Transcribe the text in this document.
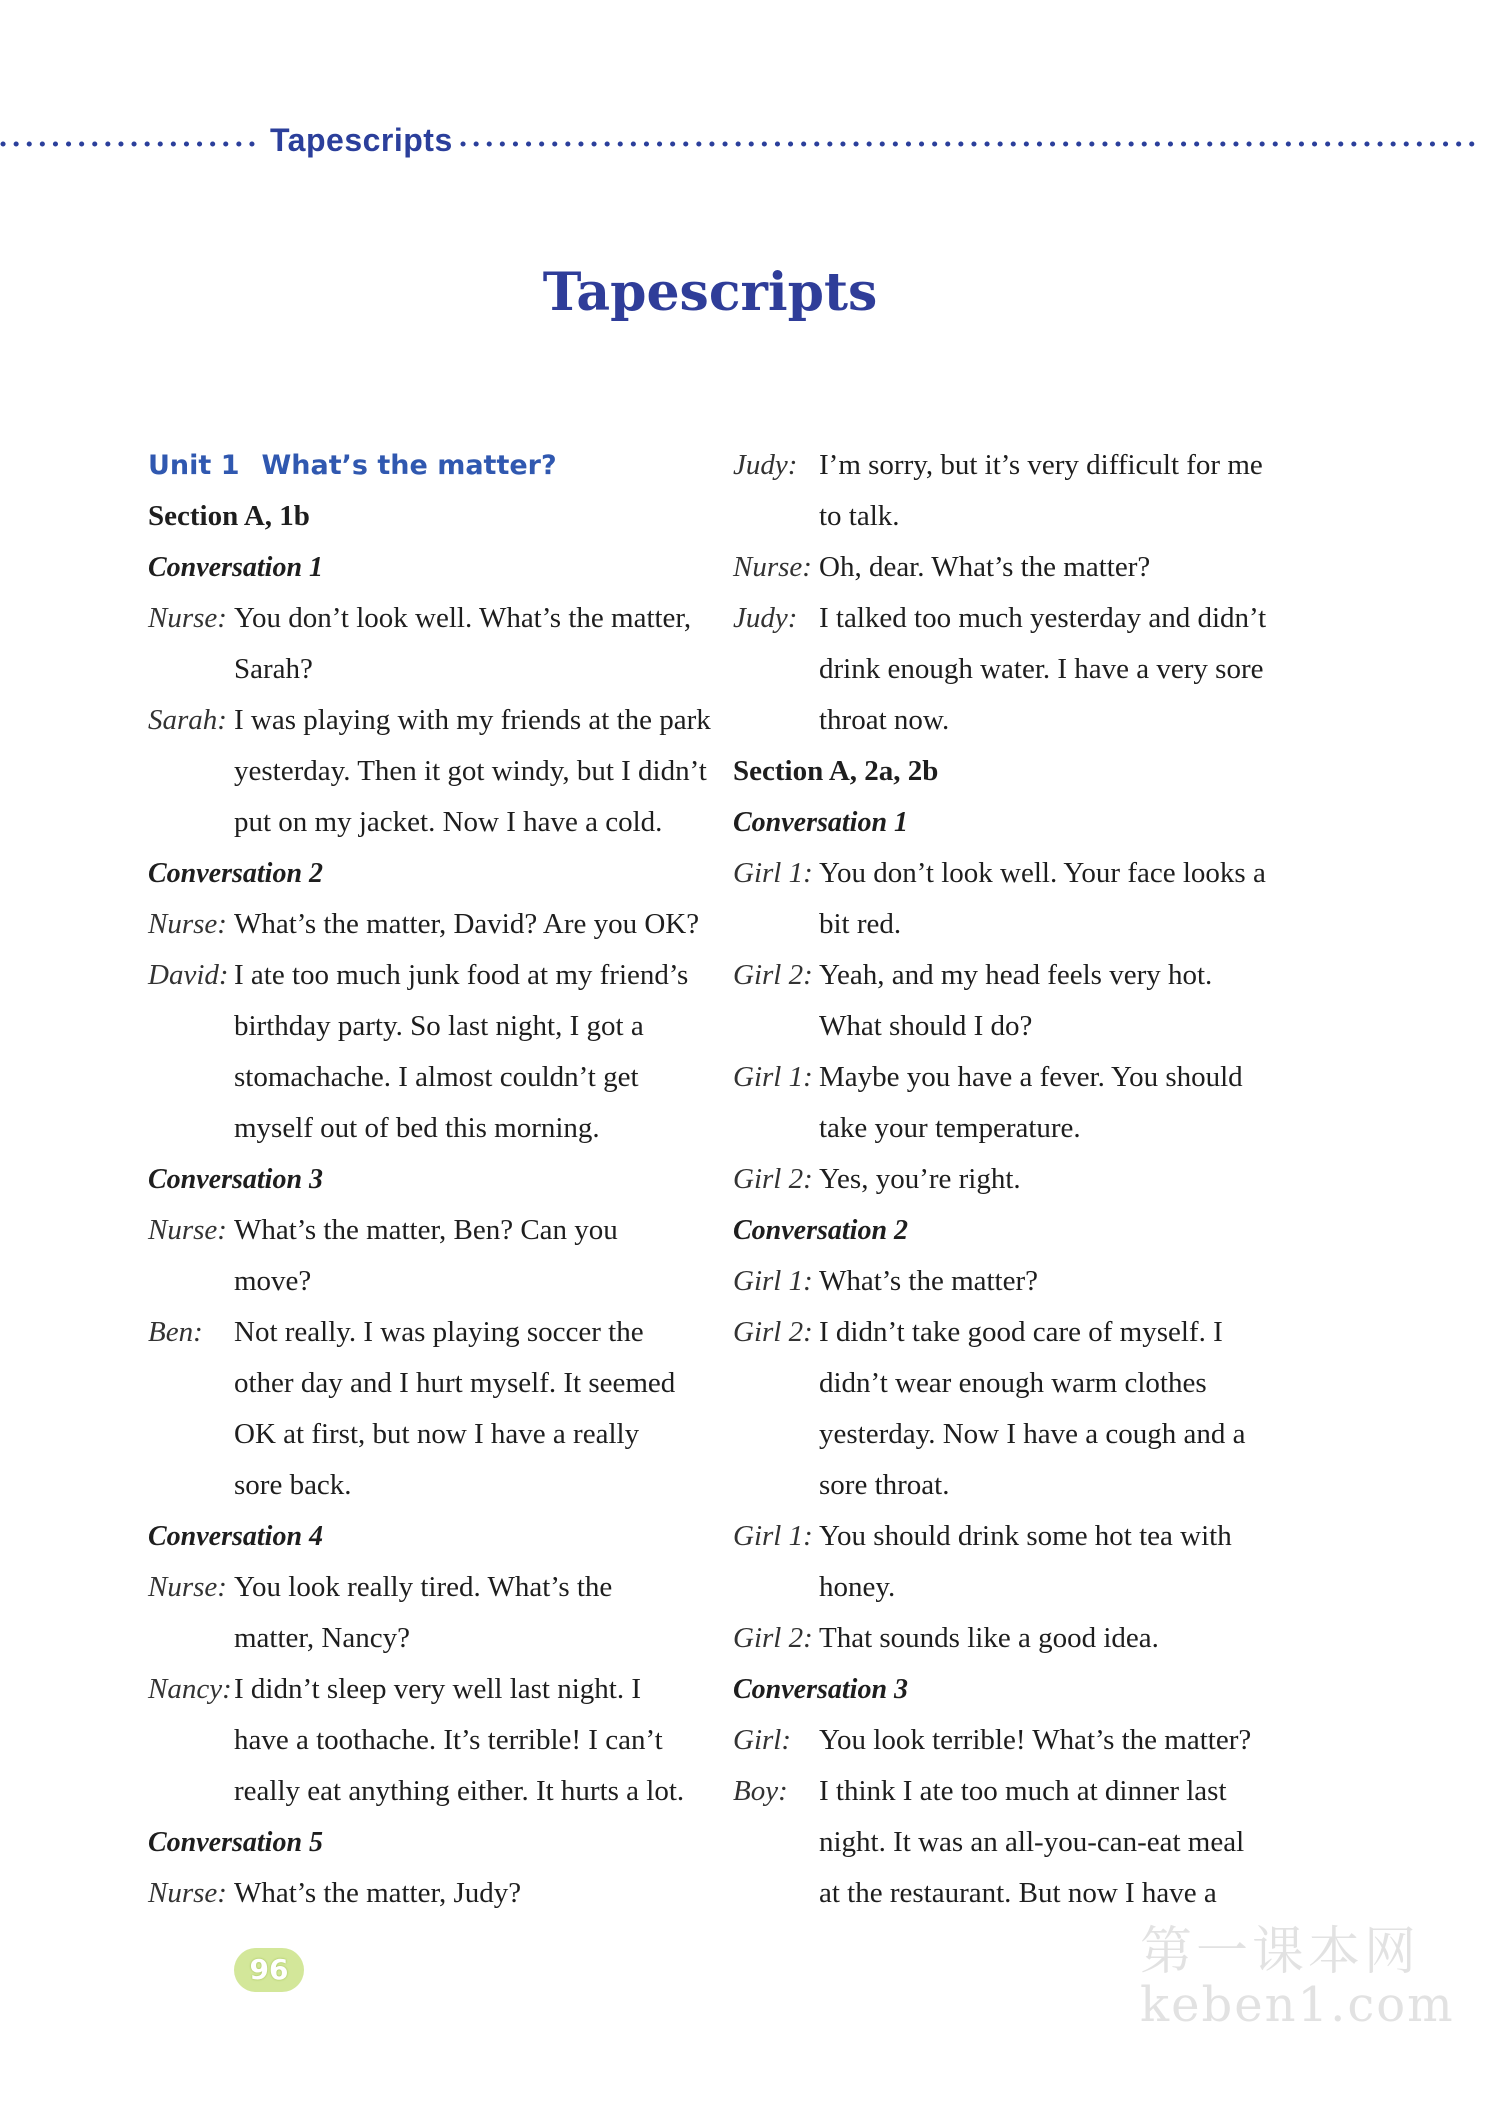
Tapescripts
Tapescripts
Unit 1 What’s the matter?
Section A, 1b
Conversation 1
Nurse: You don’t look well. What’s the matter,
Sarah?
Sarah: I was playing with my friends at the park
yesterday. Then it got windy, but I didn’t
put on my jacket. Now I have a cold.
Conversation 2
Nurse: What’s the matter, David? Are you OK?
David: I ate too much junk food at my friend’s
birthday party. So last night, I got a
stomachache. I almost couldn’t get
myself out of bed this morning.
Conversation 3
Nurse: What’s the matter, Ben? Can you
move?
Ben: Not really. I was playing soccer the
other day and I hurt myself. It seemed
OK at first, but now I have a really
sore back.
Conversation 4
Nurse: You look really tired. What’s the
matter, Nancy?
Nancy: I didn’t sleep very well last night. I
have a toothache. It’s terrible! I can’t
really eat anything either. It hurts a lot.
Conversation 5
Nurse: What’s the matter, Judy?
Judy: I’m sorry, but it’s very difficult for me
to talk.
Nurse: Oh, dear. What’s the matter?
Judy: I talked too much yesterday and didn’t
drink enough water. I have a very sore
throat now.
Section A, 2a, 2b
Conversation 1
Girl 1: You don’t look well. Your face looks a
bit red.
Girl 2: Yeah, and my head feels very hot.
What should I do?
Girl 1: Maybe you have a fever. You should
take your temperature.
Girl 2: Yes, you’re right.
Conversation 2
Girl 1: What’s the matter?
Girl 2: I didn’t take good care of myself. I
didn’t wear enough warm clothes
yesterday. Now I have a cough and a
sore throat.
Girl 1: You should drink some hot tea with
honey.
Girl 2: That sounds like a good idea.
Conversation 3
Girl: You look terrible! What’s the matter?
Boy: I think I ate too much at dinner last
night. It was an all-you-can-eat meal
at the restaurant. But now I have a
96	第一课本网
keben1.com
